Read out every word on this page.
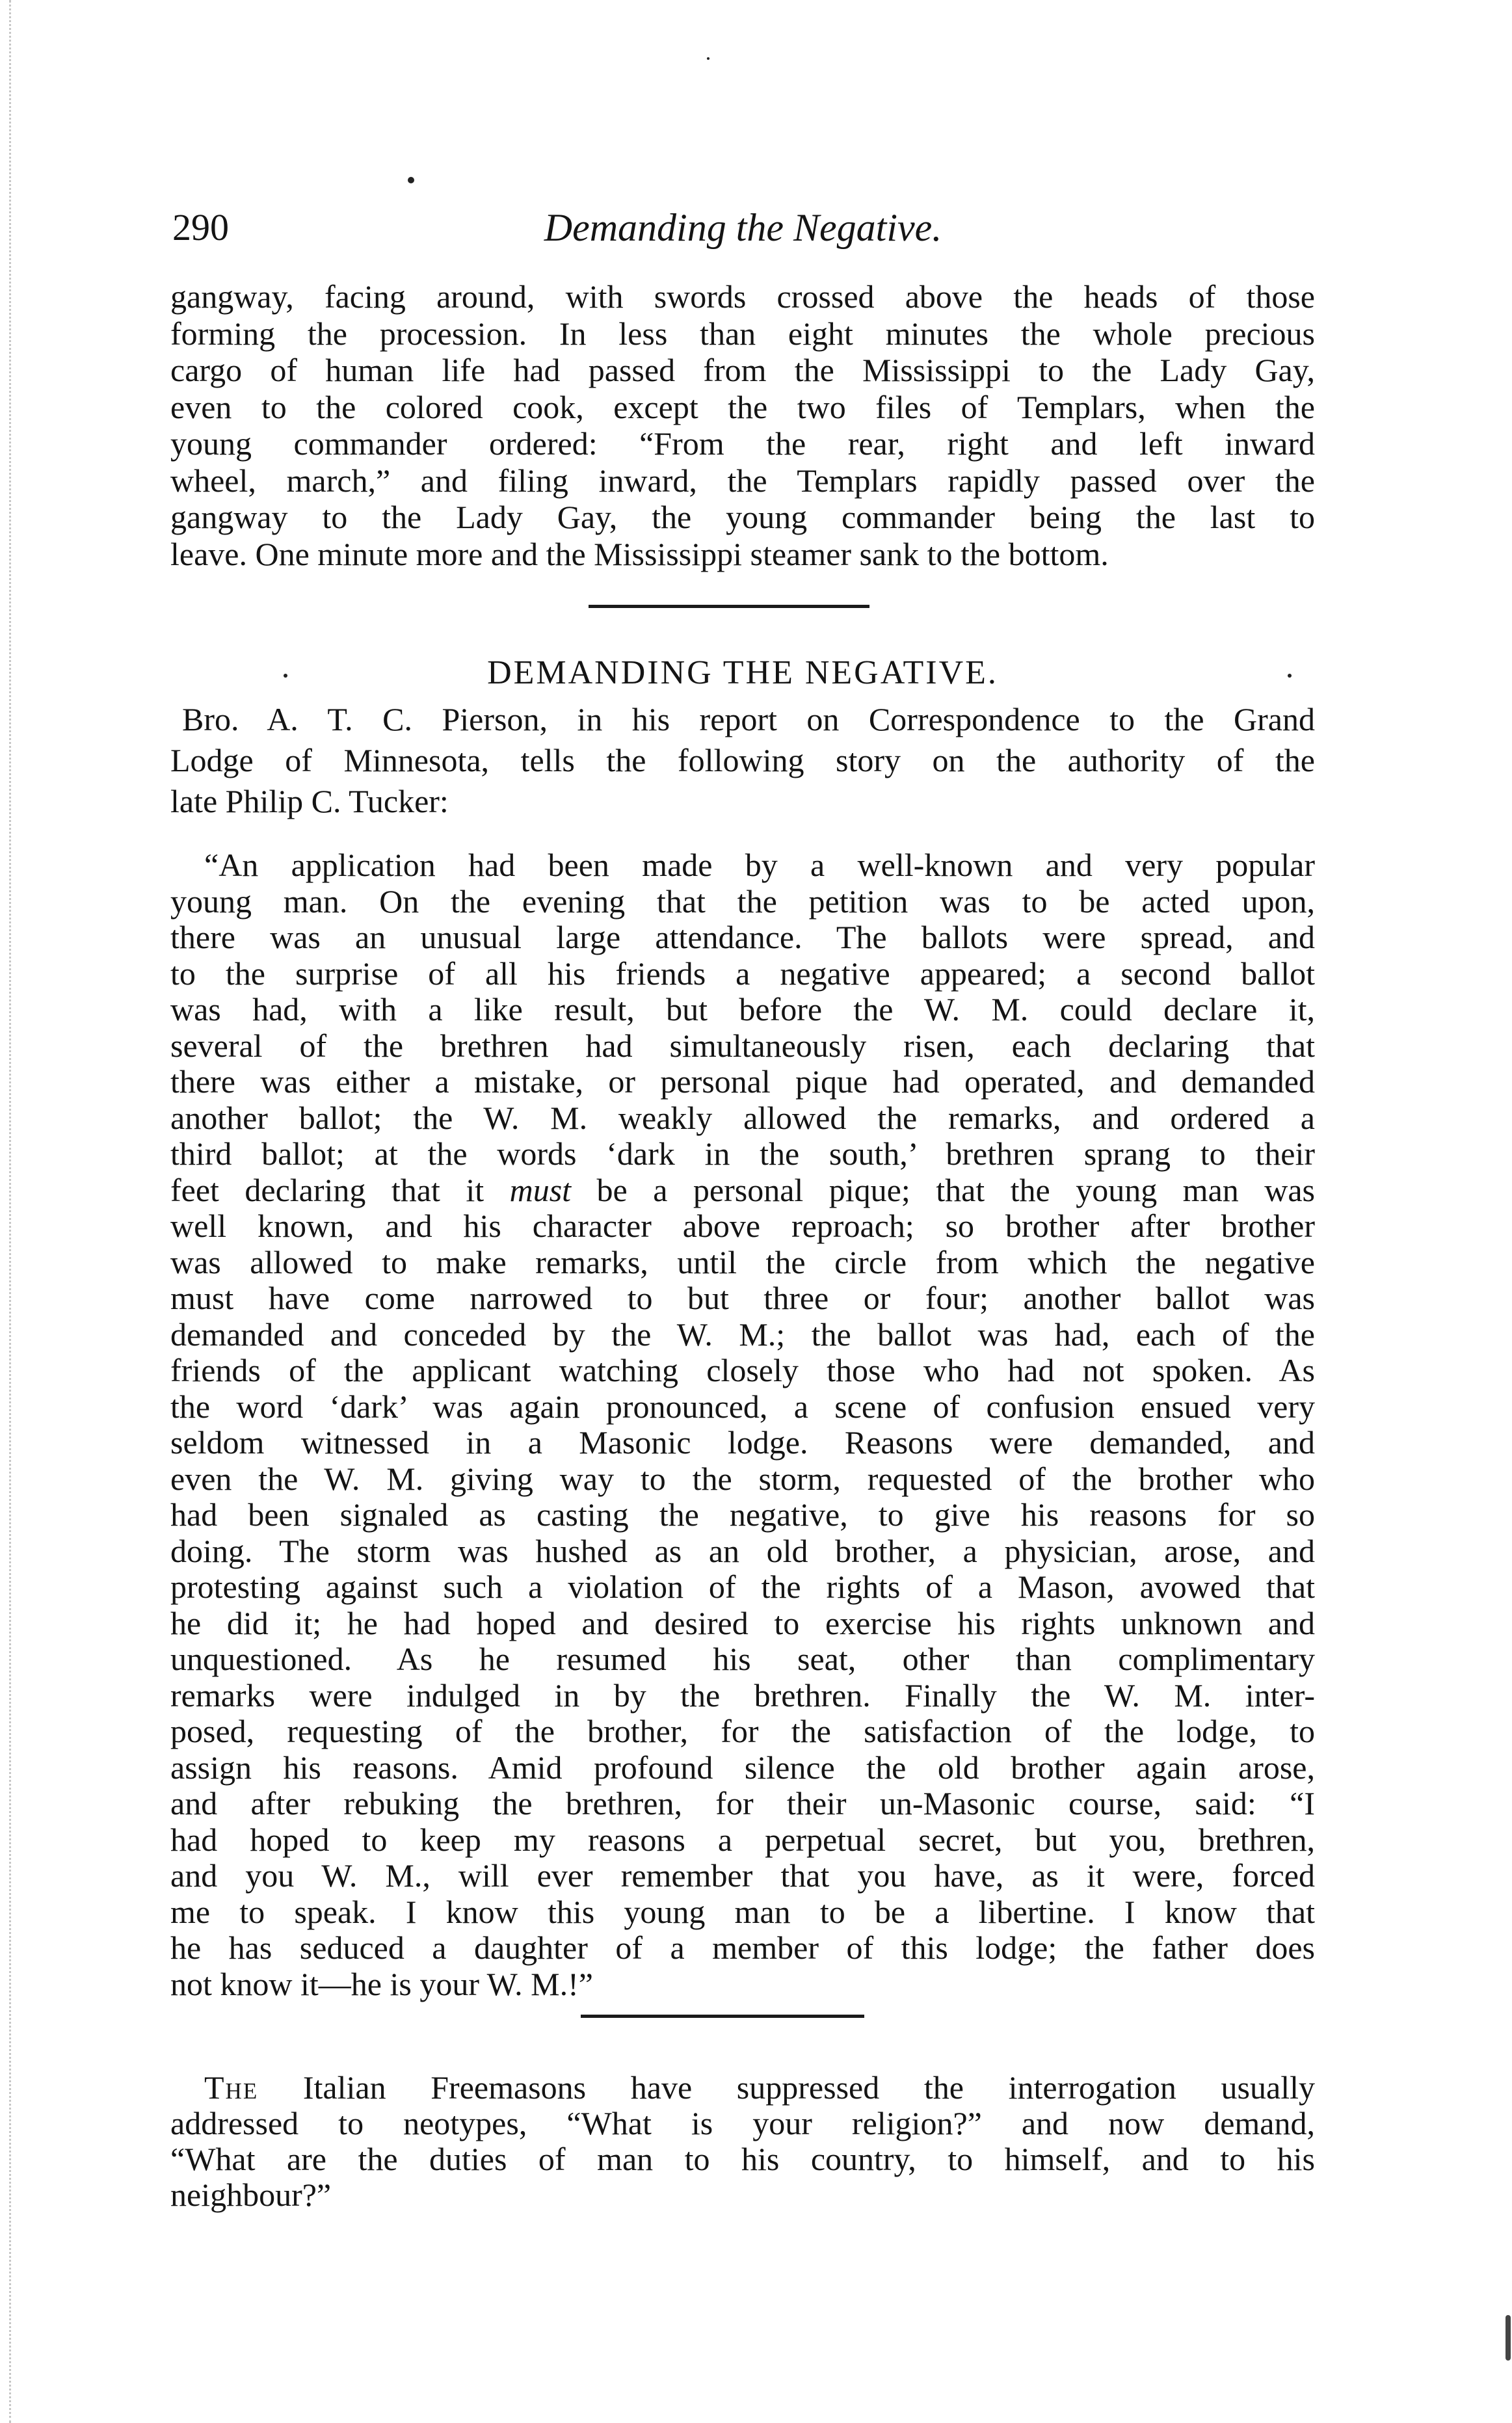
290	Demanding the Negative.
gangway, facing around, with swords crossed above the heads of those
forming the procession. In less than eight minutes the whole precious
cargo of human life had passed from the Mississippi to the Lady Gay,
even to the colored cook, except the two files of Templars, when the
young commander ordered: “From the rear, right and left inward
wheel, march,” and filing inward, the Templars rapidly passed over the
gangway to the Lady Gay, the young commander being the last to
leave. One minute more and the Mississippi steamer sank to the bottom.
DEMANDING THE NEGATIVE.
Bro. A. T. C. Pierson, in his report on Correspondence to the Grand
Lodge of Minnesota, tells the following story on the authority of the
late Philip C. Tucker:
“An application had been made by a well-known and very popular
young man. On the evening that the petition was to be acted upon,
there was an unusual large attendance. The ballots were spread, and
to the surprise of all his friends a negative appeared; a second ballot
was had, with a like result, but before the W. M. could declare it,
several of the brethren had simultaneously risen, each declaring that
there was either a mistake, or personal pique had operated, and demanded
another ballot; the W. M. weakly allowed the remarks, and ordered a
third ballot; at the words ‘dark in the south,’ brethren sprang to their
feet declaring that it must be a personal pique; that the young man was
well known, and his character above reproach; so brother after brother
was allowed to make remarks, until the circle from which the negative
must have come narrowed to but three or four; another ballot was
demanded and conceded by the W. M.; the ballot was had, each of the
friends of the applicant watching closely those who had not spoken. As
the word ‘dark’ was again pronounced, a scene of confusion ensued very
seldom witnessed in a Masonic lodge. Reasons were demanded, and
even the W. M. giving way to the storm, requested of the brother who
had been signaled as casting the negative, to give his reasons for so
doing. The storm was hushed as an old brother, a physician, arose, and
protesting against such a violation of the rights of a Mason, avowed that
he did it; he had hoped and desired to exercise his rights unknown and
unquestioned. As he resumed his seat, other than complimentary
remarks were indulged in by the brethren. Finally the W. M. inter-
posed, requesting of the brother, for the satisfaction of the lodge, to
assign his reasons. Amid profound silence the old brother again arose,
and after rebuking the brethren, for their un-Masonic course, said: “I
had hoped to keep my reasons a perpetual secret, but you, brethren,
and you W. M., will ever remember that you have, as it were, forced
me to speak. I know this young man to be a libertine. I know that
he has seduced a daughter of a member of this lodge; the father does
not know it—he is your W. M.!”
The Italian Freemasons have suppressed the interrogation usually
addressed to neotypes, “What is your religion?” and now demand,
“What are the duties of man to his country, to himself, and to his
neighbour?”
